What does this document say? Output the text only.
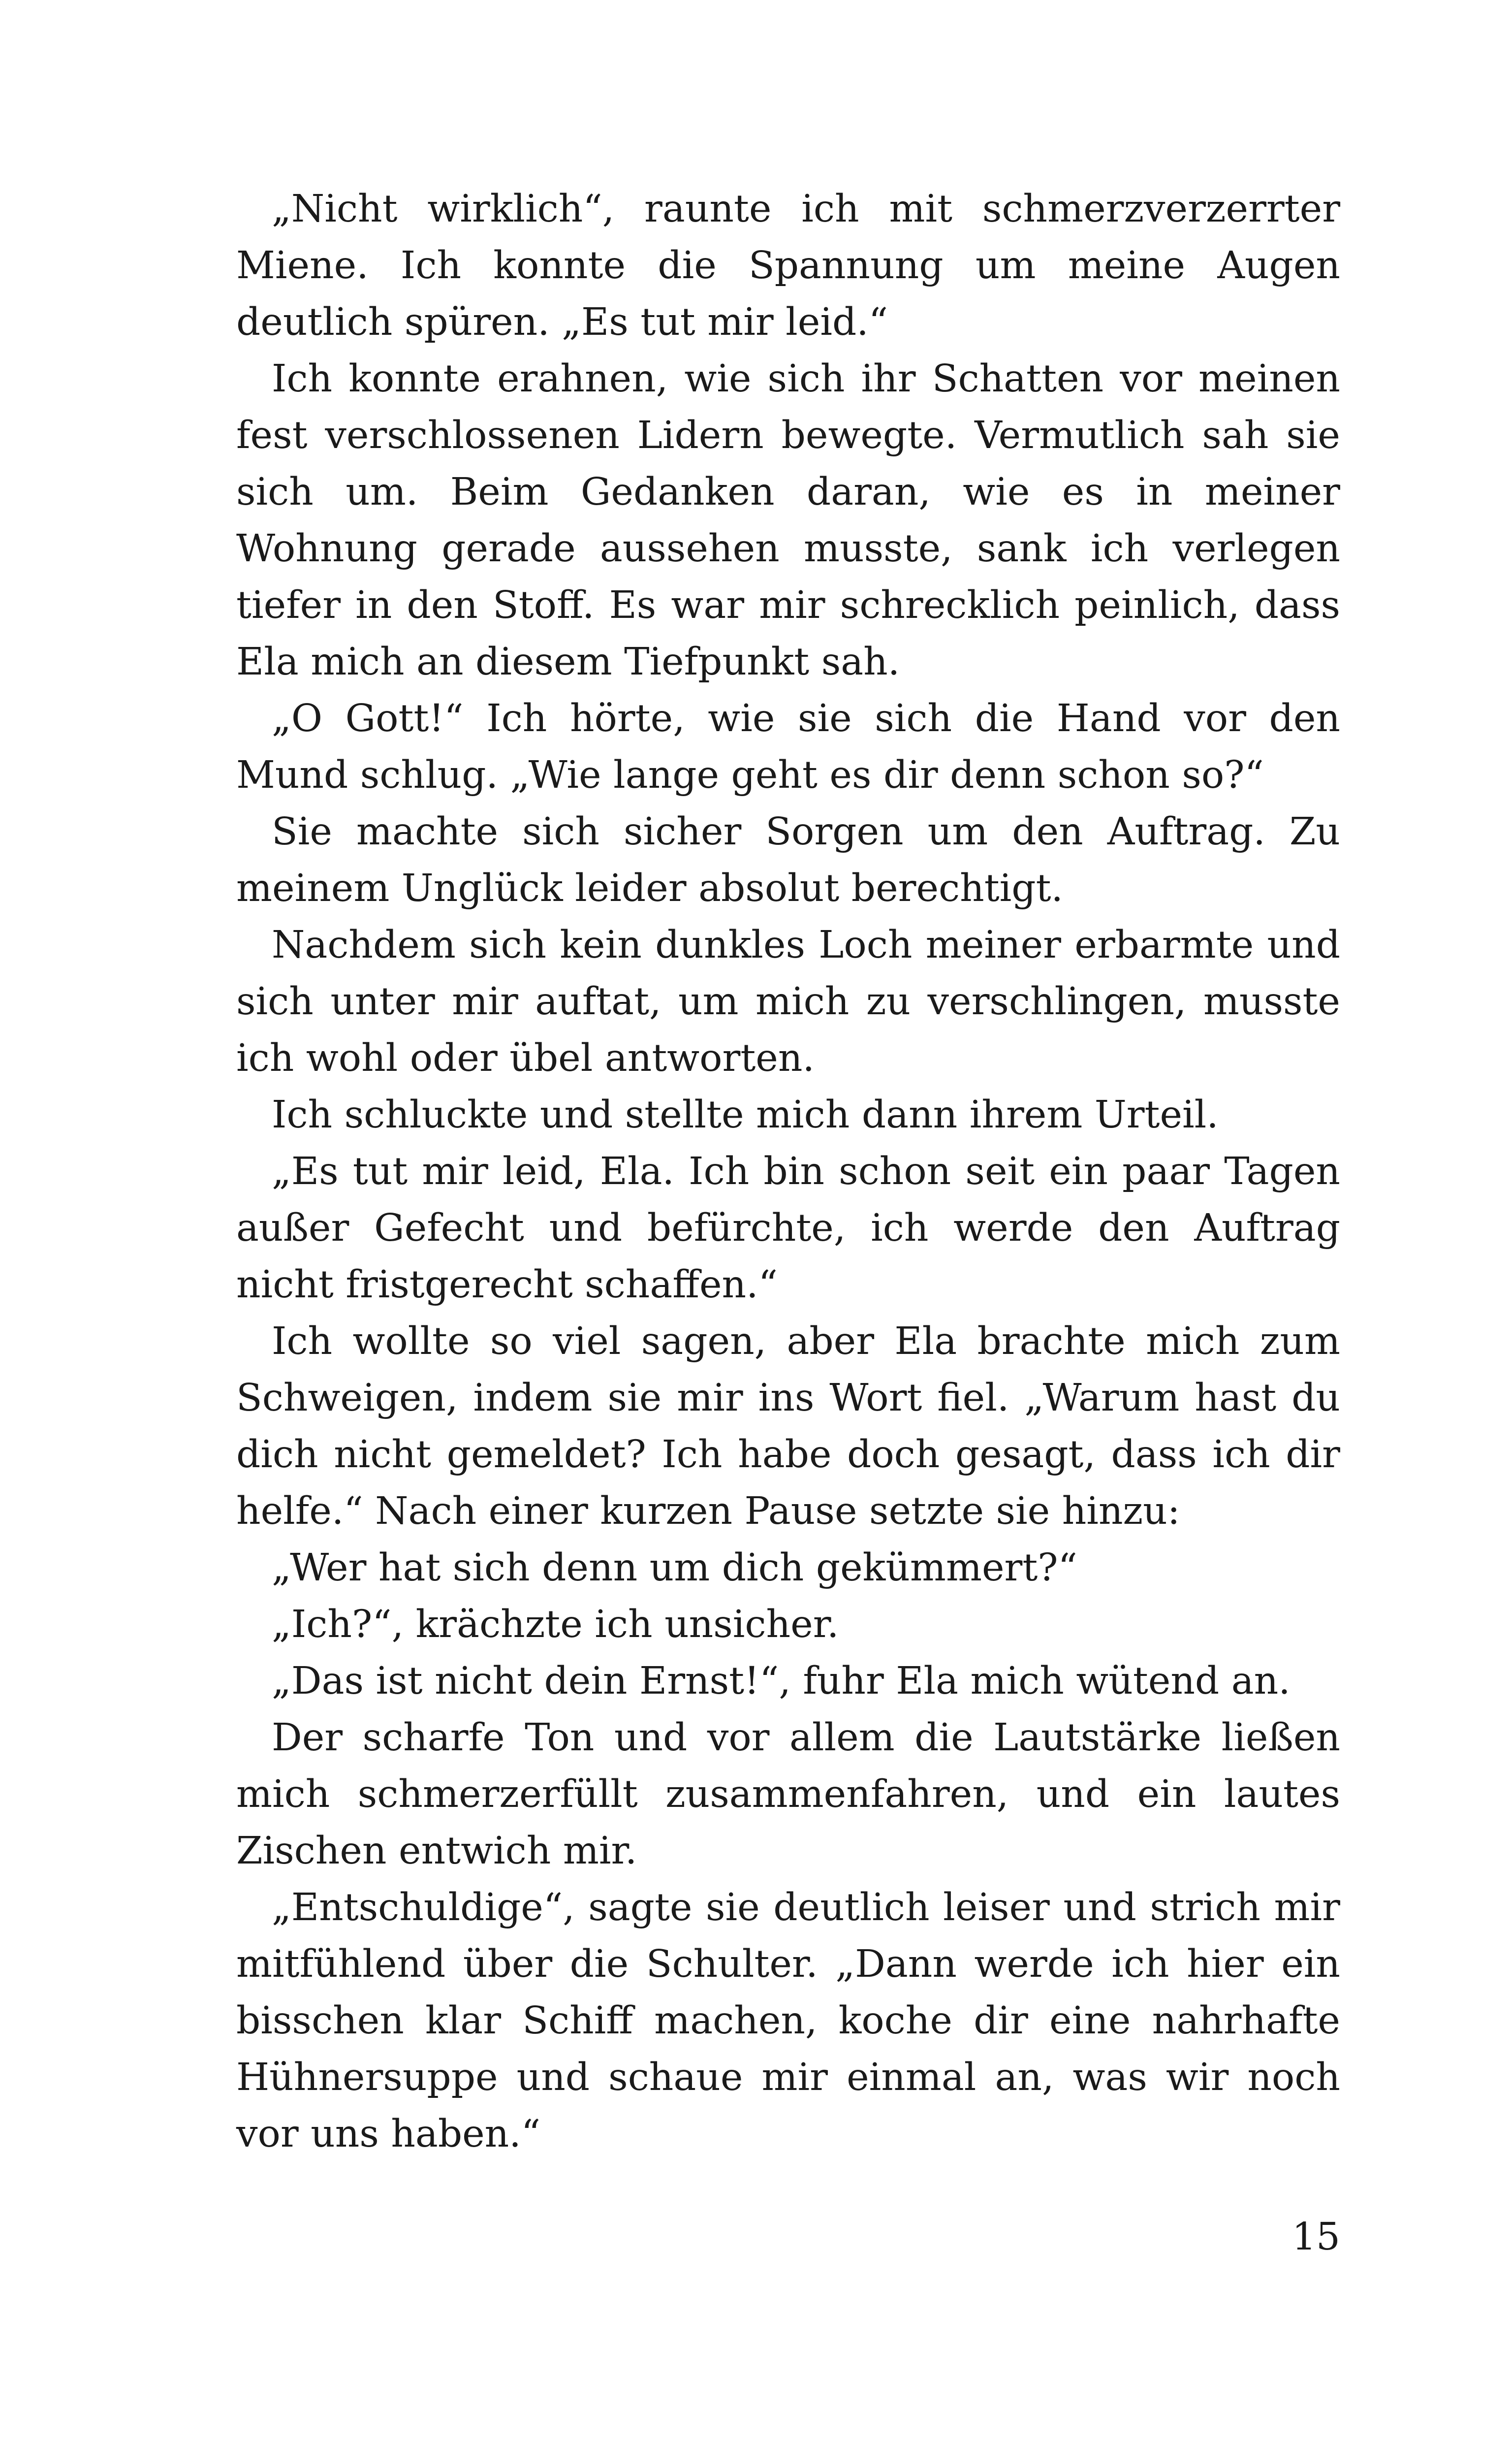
„Nicht wirklich“, raunte ich mit schmerzverzerrter Miene. Ich konnte die Spannung um meine Augen deutlich spüren. „Es tut mir leid.“

Ich konnte erahnen, wie sich ihr Schatten vor meinen fest verschlossenen Lidern bewegte. Vermutlich sah sie sich um. Beim Gedanken daran, wie es in meiner Wohnung gerade aussehen musste, sank ich verlegen tiefer in den Stoff. Es war mir schrecklich peinlich, dass Ela mich an diesem Tiefpunkt sah.

„O Gott!“ Ich hörte, wie sie sich die Hand vor den Mund schlug. „Wie lange geht es dir denn schon so?“

Sie machte sich sicher Sorgen um den Auftrag. Zu meinem Unglück leider absolut berechtigt.

Nachdem sich kein dunkles Loch meiner erbarmte und sich unter mir auftat, um mich zu verschlingen, musste ich wohl oder übel antworten.

Ich schluckte und stellte mich dann ihrem Urteil.

„Es tut mir leid, Ela. Ich bin schon seit ein paar Tagen außer Gefecht und befürchte, ich werde den Auftrag nicht fristgerecht schaffen.“

Ich wollte so viel sagen, aber Ela brachte mich zum Schweigen, indem sie mir ins Wort fiel. „Warum hast du dich nicht gemeldet? Ich habe doch gesagt, dass ich dir helfe.“ Nach einer kurzen Pause setzte sie hinzu:

„Wer hat sich denn um dich gekümmert?“

„Ich?“, krächzte ich unsicher.

„Das ist nicht dein Ernst!“, fuhr Ela mich wütend an.

Der scharfe Ton und vor allem die Lautstärke ließen mich schmerzerfüllt zusammenfahren, und ein lautes Zischen entwich mir.

„Entschuldige“, sagte sie deutlich leiser und strich mir mitfühlend über die Schulter. „Dann werde ich hier ein bisschen klar Schiff machen, koche dir eine nahrhafte Hühnersuppe und schaue mir einmal an, was wir noch vor uns haben.“

15
